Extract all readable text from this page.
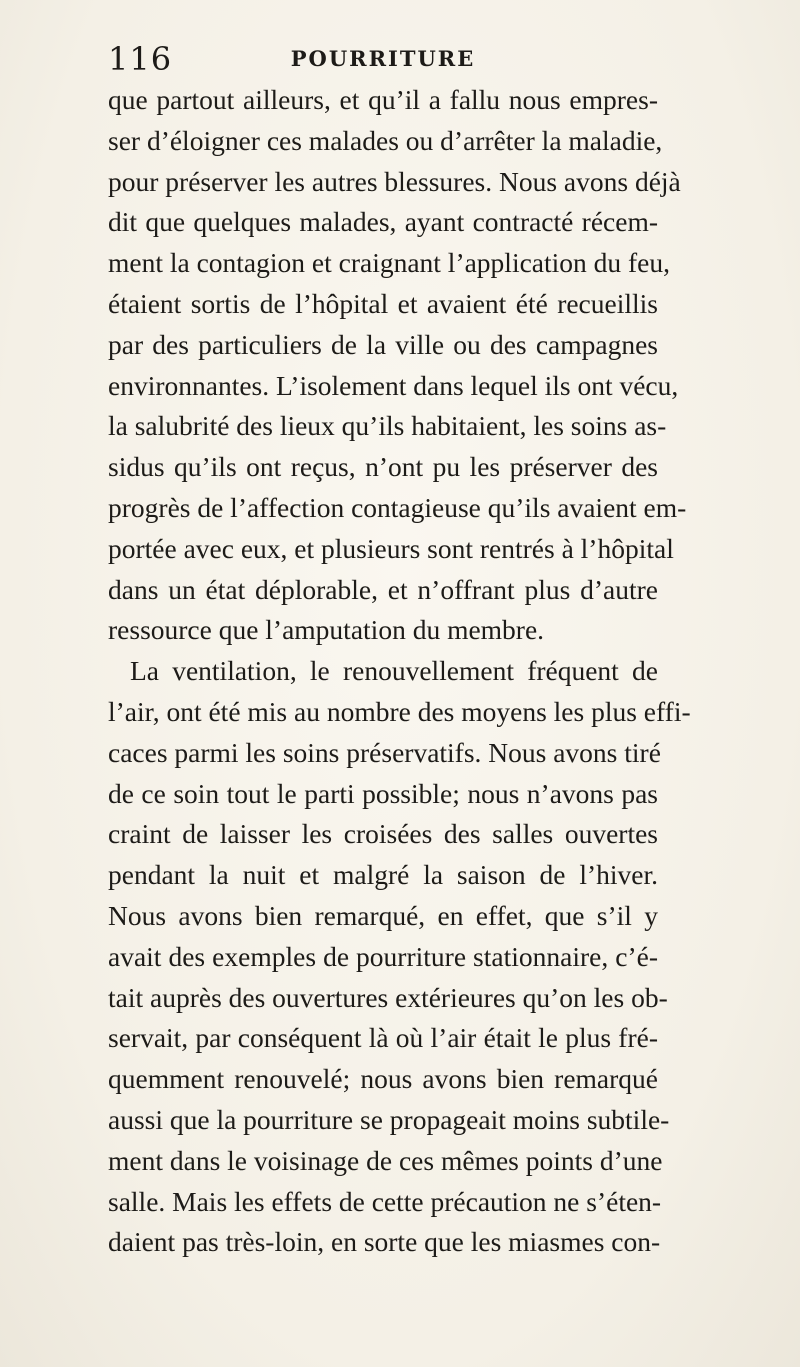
116	POURRITURE
que partout ailleurs, et qu’il a fallu nous empres-
ser d’éloigner ces malades ou d’arrêter la maladie,
pour préserver les autres blessures. Nous avons déjà
dit que quelques malades, ayant contracté récem-
ment la contagion et craignant l’application du feu,
étaient sortis de l’hôpital et avaient été recueillis
par des particuliers de la ville ou des campagnes
environnantes. L’isolement dans lequel ils ont vécu,
la salubrité des lieux qu’ils habitaient, les soins as-
sidus qu’ils ont reçus, n’ont pu les préserver des
progrès de l’affection contagieuse qu’ils avaient em-
portée avec eux, et plusieurs sont rentrés à l’hôpital
dans un état déplorable, et n’offrant plus d’autre
ressource que l’amputation du membre.
La ventilation, le renouvellement fréquent de
l’air, ont été mis au nombre des moyens les plus effi-
caces parmi les soins préservatifs. Nous avons tiré
de ce soin tout le parti possible; nous n’avons pas
craint de laisser les croisées des salles ouvertes
pendant la nuit et malgré la saison de l’hiver.
Nous avons bien remarqué, en effet, que s’il y
avait des exemples de pourriture stationnaire, c’é-
tait auprès des ouvertures extérieures qu’on les ob-
servait, par conséquent là où l’air était le plus fré-
quemment renouvelé; nous avons bien remarqué
aussi que la pourriture se propageait moins subtile-
ment dans le voisinage de ces mêmes points d’une
salle. Mais les effets de cette précaution ne s’éten-
daient pas très-loin, en sorte que les miasmes con-
